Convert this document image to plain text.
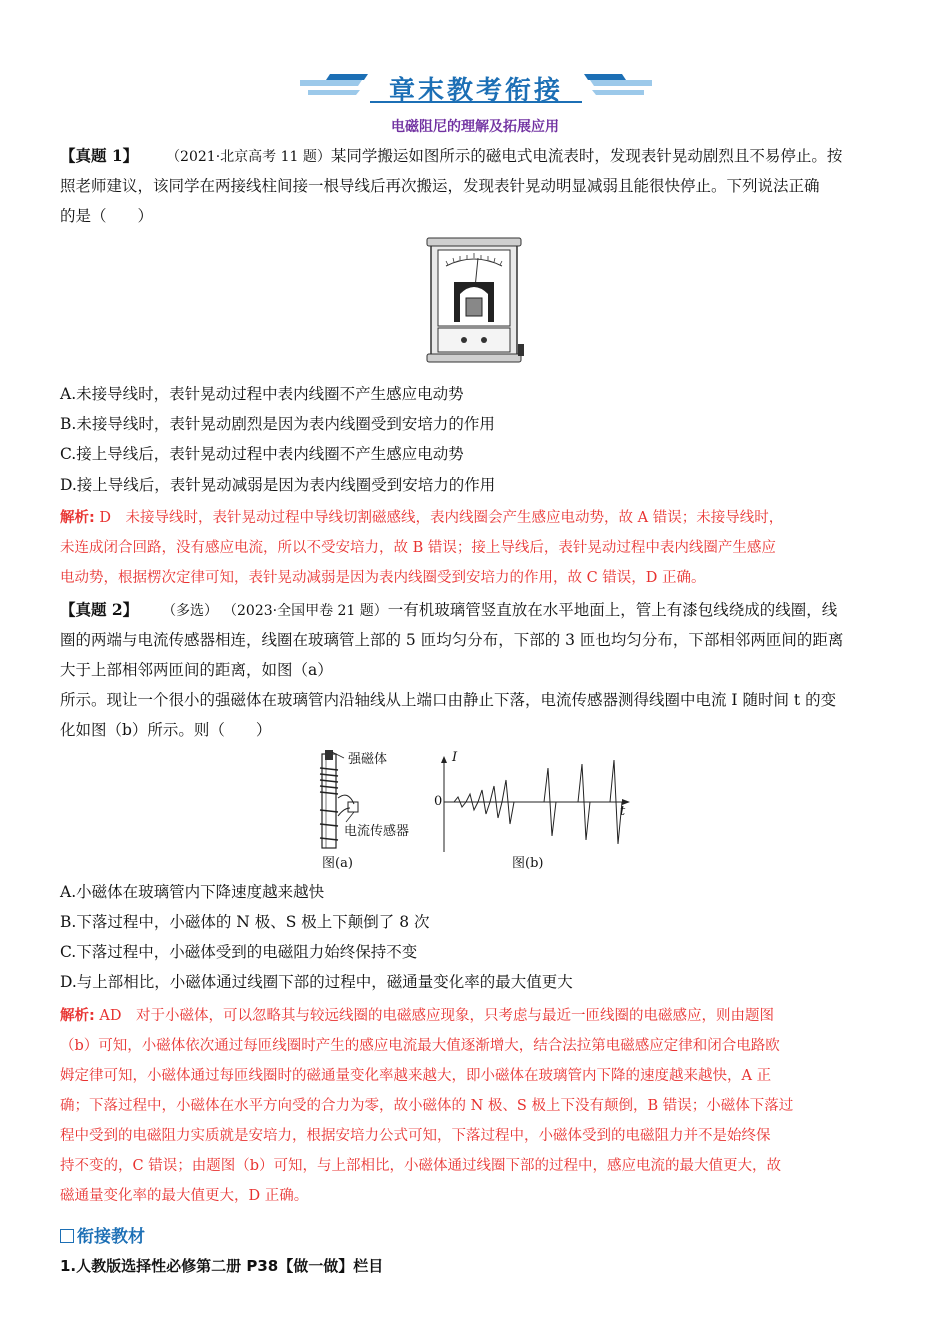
章末教考衔接
电磁阻尼的理解及拓展应用
【真题 1】 （2021·北京高考 11 题）某同学搬运如图所示的磁电式电流表时，发现表针晃动剧烈且不易停止。按
照老师建议，该同学在两接线柱间接一根导线后再次搬运，发现表针晃动明显减弱且能很快停止。下列说法正确
的是（　　）
A.未接导线时，表针晃动过程中表内线圈不产生感应电动势
B.未接导线时，表针晃动剧烈是因为表内线圈受到安培力的作用
C.接上导线后，表针晃动过程中表内线圈不产生感应电动势
D.接上导线后，表针晃动减弱是因为表内线圈受到安培力的作用
解析: D　未接导线时，表针晃动过程中导线切割磁感线，表内线圈会产生感应电动势，故 A 错误；未接导线时，
未连成闭合回路，没有感应电流，所以不受安培力，故 B 错误；接上导线后，表针晃动过程中表内线圈产生感应
电动势，根据楞次定律可知，表针晃动减弱是因为表内线圈受到安培力的作用，故 C 错误，D 正确。
【真题 2】 （多选） （2023·全国甲卷 21 题）一有机玻璃管竖直放在水平地面上，管上有漆包线绕成的线圈，线
圈的两端与电流传感器相连，线圈在玻璃管上部的 5 匝均匀分布，下部的 3 匝也均匀分布，下部相邻两匝间的距离
大于上部相邻两匝间的距离，如图（a）
所示。现让一个很小的强磁体在玻璃管内沿轴线从上端口由静止下落，电流传感器测得线圈中电流 I 随时间 t 的变
化如图（b）所示。则（　　）
强磁体
电流传感器
图(a)
I
0
t
图(b)
A.小磁体在玻璃管内下降速度越来越快
B.下落过程中，小磁体的 N 极、S 极上下颠倒了 8 次
C.下落过程中，小磁体受到的电磁阻力始终保持不变
D.与上部相比，小磁体通过线圈下部的过程中，磁通量变化率的最大值更大
解析: AD　对于小磁体，可以忽略其与较远线圈的电磁感应现象，只考虑与最近一匝线圈的电磁感应，则由题图
（b）可知，小磁体依次通过每匝线圈时产生的感应电流最大值逐渐增大，结合法拉第电磁感应定律和闭合电路欧
姆定律可知，小磁体通过每匝线圈时的磁通量变化率越来越大，即小磁体在玻璃管内下降的速度越来越快，A 正
确；下落过程中，小磁体在水平方向受的合力为零，故小磁体的 N 极、S 极上下没有颠倒，B 错误；小磁体下落过
程中受到的电磁阻力实质就是安培力，根据安培力公式可知，下落过程中，小磁体受到的电磁阻力并不是始终保
持不变的，C 错误；由题图（b）可知，与上部相比，小磁体通过线圈下部的过程中，感应电流的最大值更大，故
磁通量变化率的最大值更大，D 正确。
衔接教材
1.人教版选择性必修第二册 P38【做一做】栏目
